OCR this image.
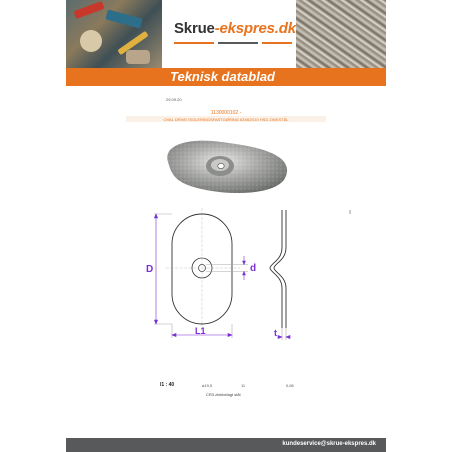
Skrue-ekspres.dk
Teknisk datablad
29.09.20
1130000102 -
OVAL DRIVE ISOLERINGSFASTGØRING 63X62X10 HSD ZINKSTÅL
D	d
L1	t
l1 : 40	ø19,5	11	0,65
CR3 zinkbelagt stål
kundeservice@skrue-ekspres.dk
